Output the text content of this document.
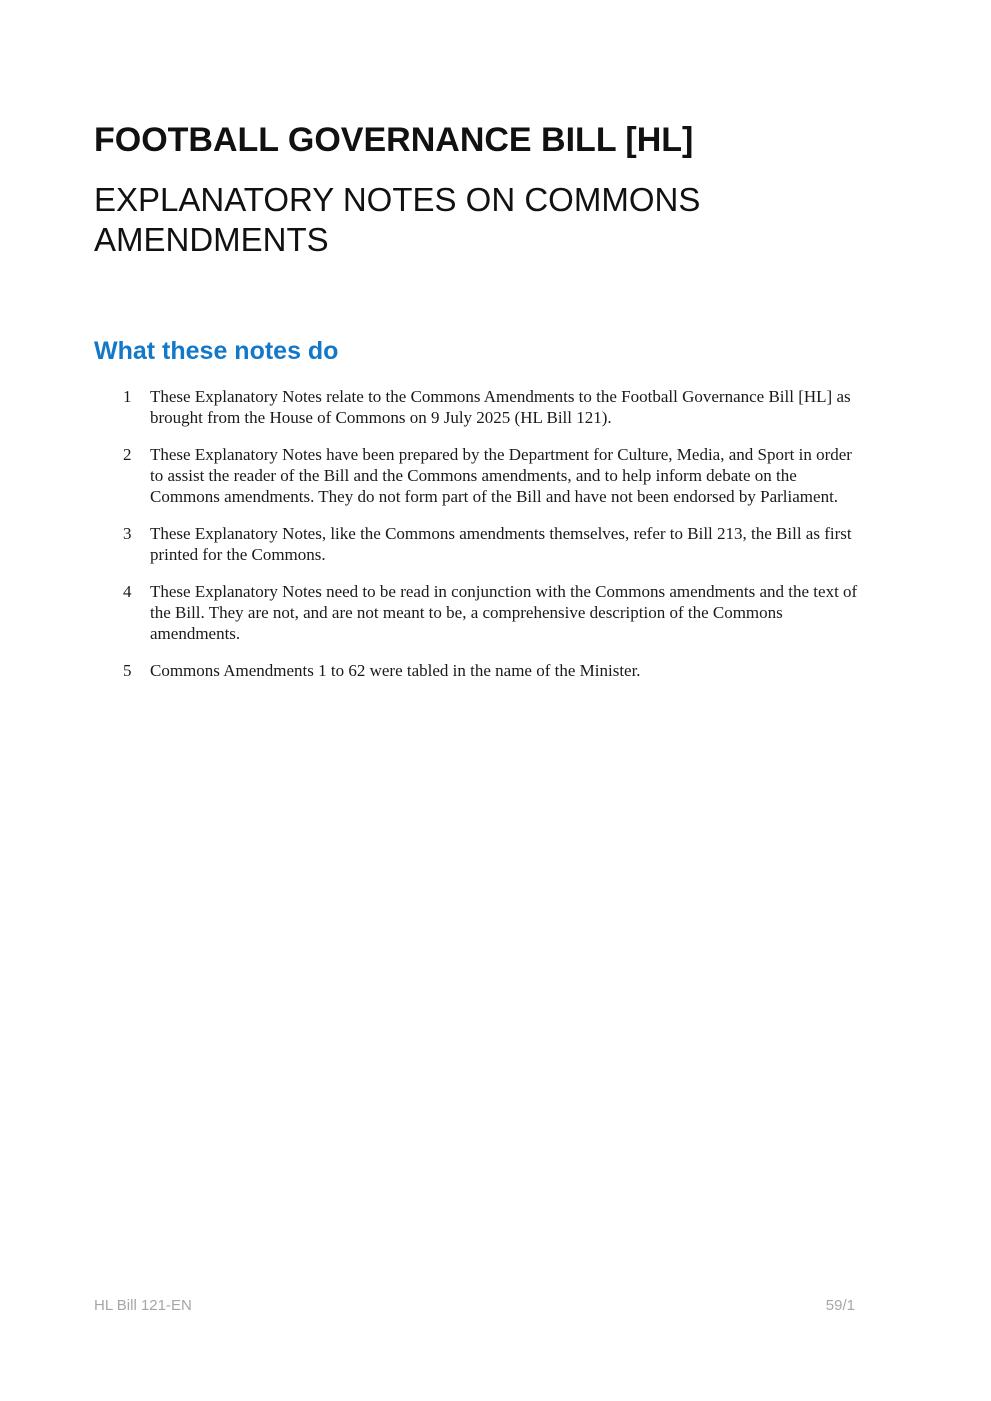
FOOTBALL GOVERNANCE BILL [HL]
EXPLANATORY NOTES ON COMMONS AMENDMENTS
What these notes do
1	These Explanatory Notes relate to the Commons Amendments to the Football Governance Bill [HL] as brought from the House of Commons on 9 July 2025 (HL Bill 121).
2	These Explanatory Notes have been prepared by the Department for Culture, Media, and Sport in order to assist the reader of the Bill and the Commons amendments, and to help inform debate on the Commons amendments. They do not form part of the Bill and have not been endorsed by Parliament.
3	These Explanatory Notes, like the Commons amendments themselves, refer to Bill 213, the Bill as first printed for the Commons.
4	These Explanatory Notes need to be read in conjunction with the Commons amendments and the text of the Bill. They are not, and are not meant to be, a comprehensive description of the Commons amendments.
5	Commons Amendments 1 to 62 were tabled in the name of the Minister.
HL Bill 121-EN	59/1
